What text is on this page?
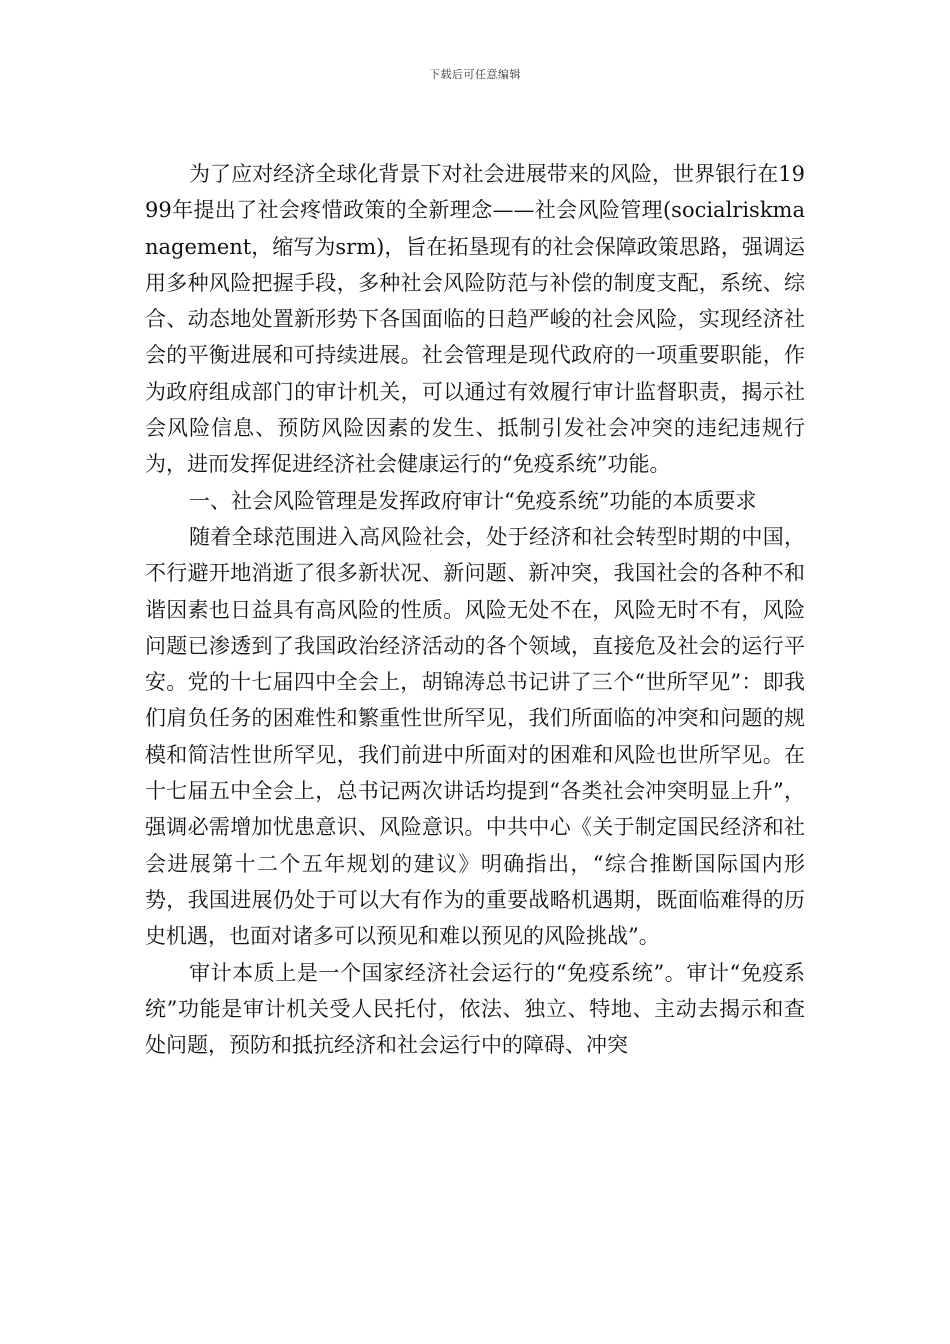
下载后可任意编辑

为了应对经济全球化背景下对社会进展带来的风险，世界银行在1999年提出了社会疼惜政策的全新理念——社会风险管理(socialriskmanagement，缩写为srm)，旨在拓垦现有的社会保障政策思路，强调运用多种风险把握手段，多种社会风险防范与补偿的制度支配，系统、综合、动态地处置新形势下各国面临的日趋严峻的社会风险，实现经济社会的平衡进展和可持续进展。社会管理是现代政府的一项重要职能，作为政府组成部门的审计机关，可以通过有效履行审计监督职责，揭示社会风险信息、预防风险因素的发生、抵制引发社会冲突的违纪违规行为，进而发挥促进经济社会健康运行的“免疫系统”功能。

一、社会风险管理是发挥政府审计“免疫系统”功能的本质要求

随着全球范围进入高风险社会，处于经济和社会转型时期的中国，不行避开地消逝了很多新状况、新问题、新冲突，我国社会的各种不和谐因素也日益具有高风险的性质。风险无处不在，风险无时不有，风险问题已渗透到了我国政治经济活动的各个领域，直接危及社会的运行平安。党的十七届四中全会上，胡锦涛总书记讲了三个“世所罕见”：即我们肩负任务的困难性和繁重性世所罕见，我们所面临的冲突和问题的规模和简洁性世所罕见，我们前进中所面对的困难和风险也世所罕见。在十七届五中全会上，总书记两次讲话均提到“各类社会冲突明显上升”，强调必需增加忧患意识、风险意识。中共中心《关于制定国民经济和社会进展第十二个五年规划的建议》明确指出，“综合推断国际国内形势，我国进展仍处于可以大有作为的重要战略机遇期，既面临难得的历史机遇，也面对诸多可以预见和难以预见的风险挑战”。

审计本质上是一个国家经济社会运行的“免疫系统”。审计“免疫系统”功能是审计机关受人民托付，依法、独立、特地、主动去揭示和查处问题，预防和抵抗经济和社会运行中的障碍、冲突
